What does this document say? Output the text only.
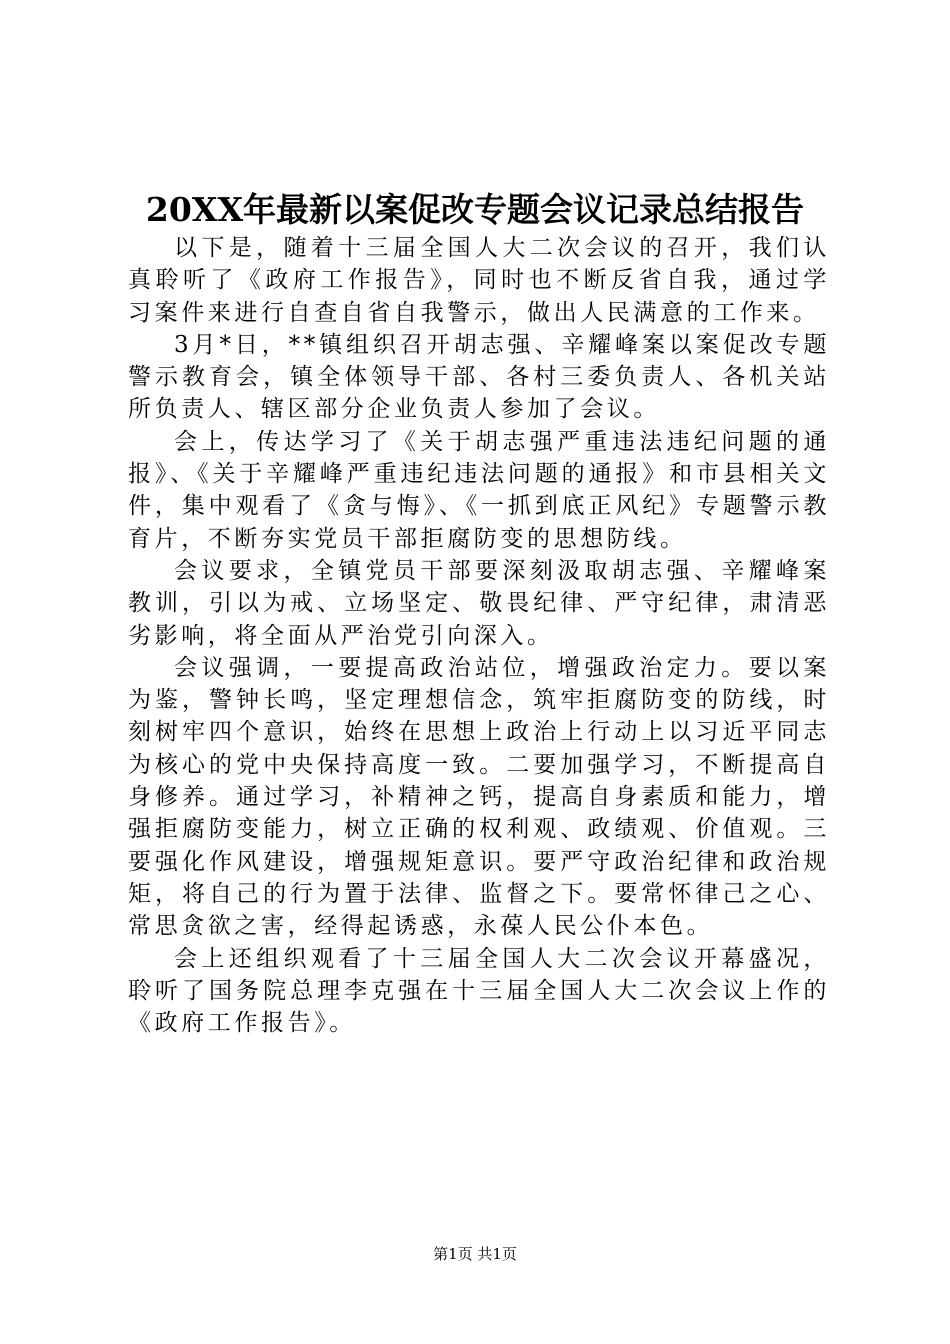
20XX年最新以案促改专题会议记录总结报告

以下是，随着十三届全国人大二次会议的召开，我们认真聆听了《政府工作报告》，同时也不断反省自我，通过学习案件来进行自查自省自我警示，做出人民满意的工作来。

3月*日，**镇组织召开胡志强、辛耀峰案以案促改专题警示教育会，镇全体领导干部、各村三委负责人、各机关站所负责人、辖区部分企业负责人参加了会议。

会上，传达学习了《关于胡志强严重违法违纪问题的通报》、《关于辛耀峰严重违纪违法问题的通报》和市县相关文件，集中观看了《贪与悔》、《一抓到底正风纪》专题警示教育片，不断夯实党员干部拒腐防变的思想防线。

会议要求，全镇党员干部要深刻汲取胡志强、辛耀峰案教训，引以为戒、立场坚定、敬畏纪律、严守纪律，肃清恶劣影响，将全面从严治党引向深入。

会议强调，一要提高政治站位，增强政治定力。要以案为鉴，警钟长鸣，坚定理想信念，筑牢拒腐防变的防线，时刻树牢四个意识，始终在思想上政治上行动上以习近平同志为核心的党中央保持高度一致。二要加强学习，不断提高自身修养。通过学习，补精神之钙，提高自身素质和能力，增强拒腐防变能力，树立正确的权利观、政绩观、价值观。三要强化作风建设，增强规矩意识。要严守政治纪律和政治规矩，将自己的行为置于法律、监督之下。要常怀律己之心、常思贪欲之害，经得起诱惑，永葆人民公仆本色。

会上还组织观看了十三届全国人大二次会议开幕盛况，聆听了国务院总理李克强在十三届全国人大二次会议上作的《政府工作报告》。

第1页 共1页
